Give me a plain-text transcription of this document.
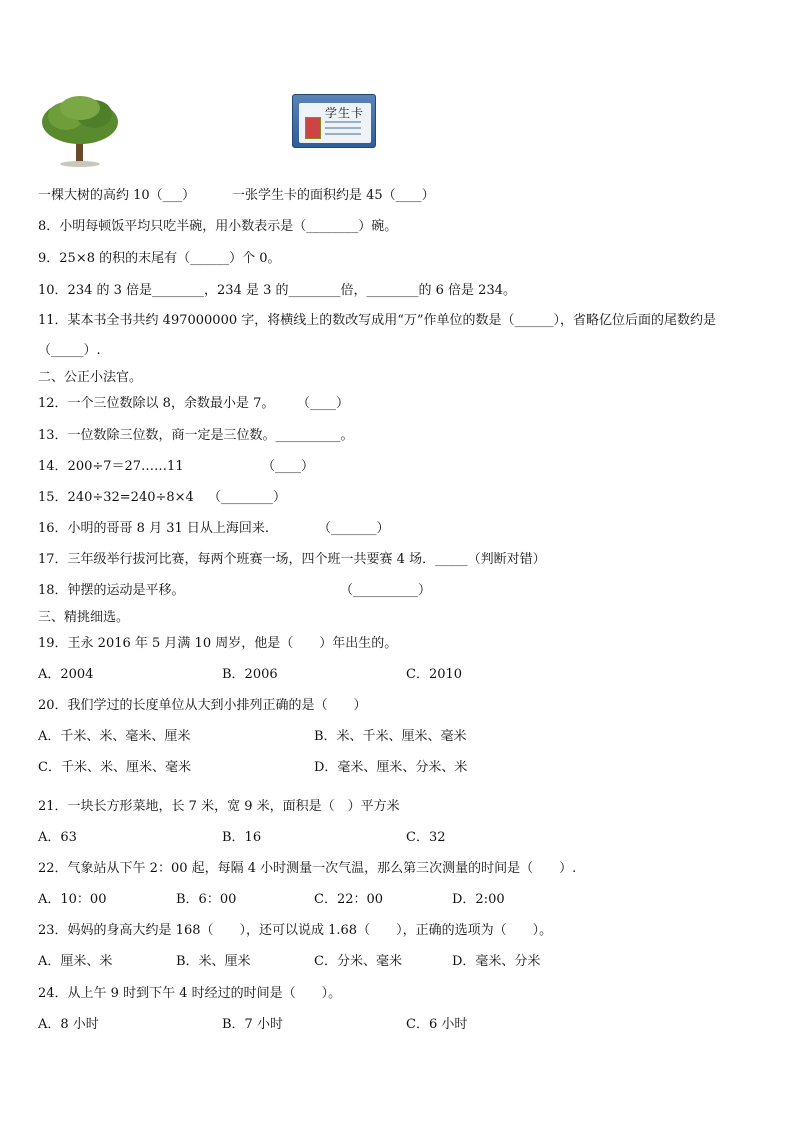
学生卡
一棵大树的高约 10（___）	一张学生卡的面积约是 45（____）
8．小明每顿饭平均只吃半碗，用小数表示是（________）碗。
9．25×8 的积的末尾有（______）个 0。
10．234 的 3 倍是________，234 是 3 的________倍，________的 6 倍是 234。
11．某本书全书共约 497000000 字，将横线上的数改写成用“万”作单位的数是（______），省略亿位后面的尾数约是
（_____）.
二、公正小法官。
12．一个三位数除以 8，余数最小是 7。 （____）
13．一位数除三位数，商一定是三位数。__________。
14．200÷7＝27……11	（____）
15．240÷32=240÷8×4 （________）
16．小明的哥哥 8 月 31 日从上海回来.	（_______）
17．三年级举行拔河比赛，每两个班赛一场，四个班一共要赛 4 场．_____（判断对错）
18．钟摆的运动是平移。	（__________）
三、精挑细选。
19．王永 2016 年 5 月满 10 周岁，他是（　　）年出生的。
A．2004	B．2006	C．2010
20．我们学过的长度单位从大到小排列正确的是（　　）
A．千米、米、毫米、厘米	B．米、千米、厘米、毫米
C．千米、米、厘米、毫米	D．毫米、厘米、分米、米
21．一块长方形菜地，长 7 米，宽 9 米，面积是（　）平方米
A．63	B．16	C．32
22．气象站从下午 2：00 起，每隔 4 小时测量一次气温，那么第三次测量的时间是（　　）.
A．10：00	B．6：00	C．22：00	D．2:00
23．妈妈的身高大约是 168（　　），还可以说成 1.68（　　），正确的选项为（　　）。
A．厘米、米	B．米、厘米	C．分米、毫米	D．毫米、分米
24．从上午 9 时到下午 4 时经过的时间是（　　）。
A．8 小时	B．7 小时	C．6 小时
